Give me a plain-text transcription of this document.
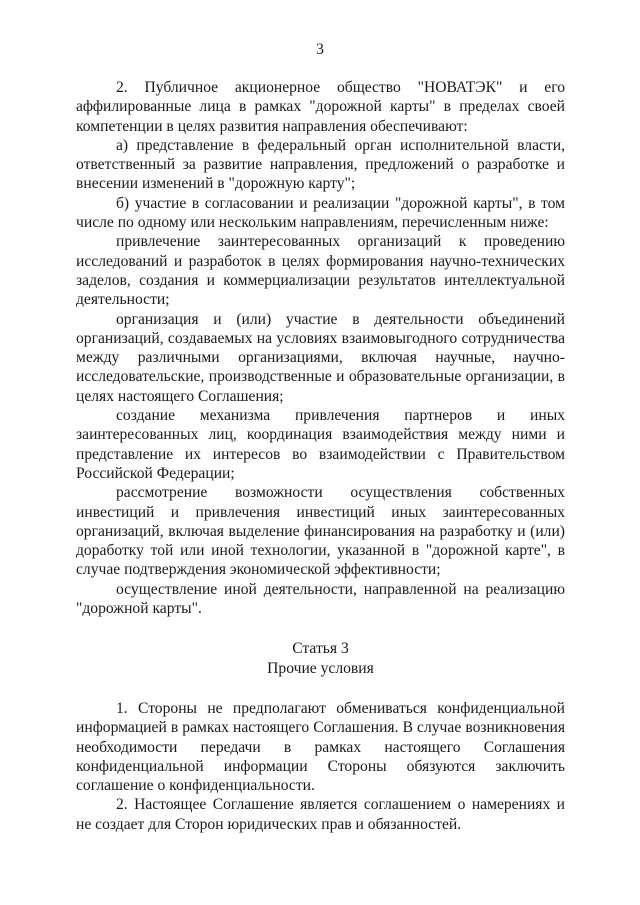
3

2. Публичное акционерное общество "НОВАТЭК" и его аффилированные лица в рамках "дорожной карты" в пределах своей компетенции в целях развития направления обеспечивают:

а) представление в федеральный орган исполнительной власти, ответственный за развитие направления, предложений о разработке и внесении изменений в "дорожную карту";

б) участие в согласовании и реализации "дорожной карты", в том числе по одному или нескольким направлениям, перечисленным ниже:

привлечение заинтересованных организаций к проведению исследований и разработок в целях формирования научно-технических заделов, создания и коммерциализации результатов интеллектуальной деятельности;

организация и (или) участие в деятельности объединений организаций, создаваемых на условиях взаимовыгодного сотрудничества между различными организациями, включая научные, научно-исследовательские, производственные и образовательные организации, в целях настоящего Соглашения;

создание механизма привлечения партнеров и иных заинтересованных лиц, координация взаимодействия между ними и представление их интересов во взаимодействии с Правительством Российской Федерации;

рассмотрение возможности осуществления собственных инвестиций и привлечения инвестиций иных заинтересованных организаций, включая выделение финансирования на разработку и (или) доработку той или иной технологии, указанной в "дорожной карте", в случае подтверждения экономической эффективности;

осуществление иной деятельности, направленной на реализацию "дорожной карты".

Статья 3

Прочие условия

1. Стороны не предполагают обмениваться конфиденциальной информацией в рамках настоящего Соглашения. В случае возникновения необходимости передачи в рамках настоящего Соглашения конфиденциальной информации Стороны обязуются заключить соглашение о конфиденциальности.

2. Настоящее Соглашение является соглашением о намерениях и не создает для Сторон юридических прав и обязанностей.
